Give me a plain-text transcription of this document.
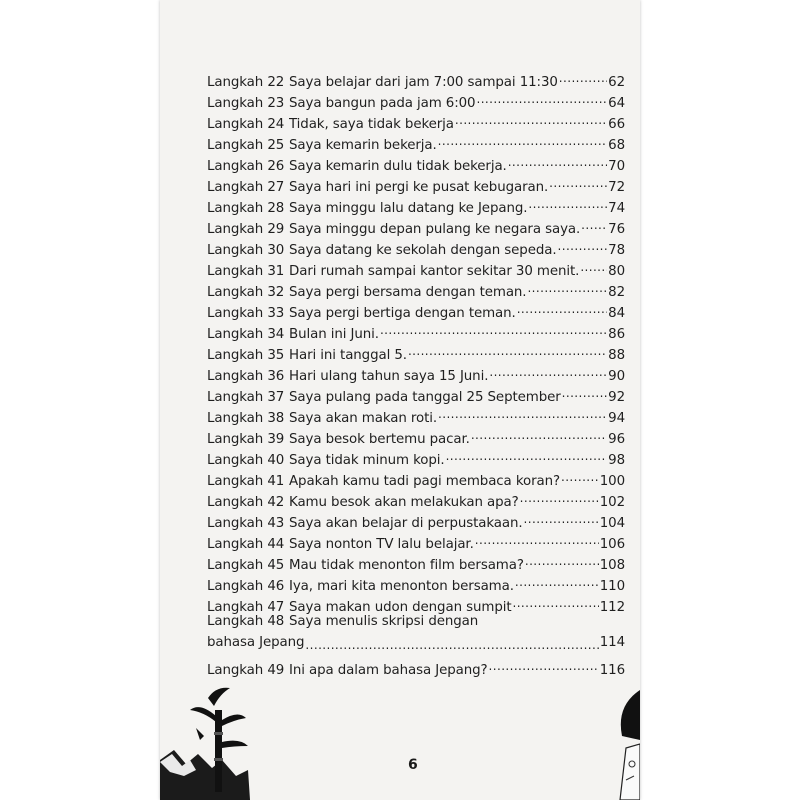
Langkah 22 Saya belajar dari jam 7:00 sampai 11:30 .....	62
Langkah 23 Saya bangun pada jam 6:00 .....	64
Langkah 24 Tidak, saya tidak bekerja .....	66
Langkah 25 Saya kemarin bekerja. .....	68
Langkah 26 Saya kemarin dulu tidak bekerja. .....	70
Langkah 27 Saya hari ini pergi ke pusat kebugaran. .....	72
Langkah 28 Saya minggu lalu datang ke Jepang. .....	74
Langkah 29 Saya minggu depan pulang ke negara saya. ..... 76
Langkah 30 Saya datang ke sekolah dengan sepeda. .....	78
Langkah 31 Dari rumah sampai kantor sekitar 30 menit. ..... 80
Langkah 32 Saya pergi bersama dengan teman. .....	82
Langkah 33 Saya pergi bertiga dengan teman. .....	84
Langkah 34 Bulan ini Juni. .....	86
Langkah 35 Hari ini tanggal 5. .....	88
Langkah 36 Hari ulang tahun saya 15 Juni. .....	90
Langkah 37 Saya pulang pada tanggal 25 September .....	92
Langkah 38 Saya akan makan roti. .....	94
Langkah 39 Saya besok bertemu pacar. .....	96
Langkah 40 Saya tidak minum kopi. .....	98
Langkah 41 Apakah kamu tadi pagi membaca koran? .....	100
Langkah 42 Kamu besok akan melakukan apa? .....	102
Langkah 43 Saya akan belajar di perpustakaan. .....	104
Langkah 44 Saya nonton TV lalu belajar. .....	106
Langkah 45 Mau tidak menonton film bersama? .....	108
Langkah 46 Iya, mari kita menonton bersama. .....	110
Langkah 47 Saya makan udon dengan sumpit .....	112
Langkah 48 Saya menulis skripsi dengan
bahasa Jepang .....	114
Langkah 49 Ini apa dalam bahasa Jepang? .....	116
6
